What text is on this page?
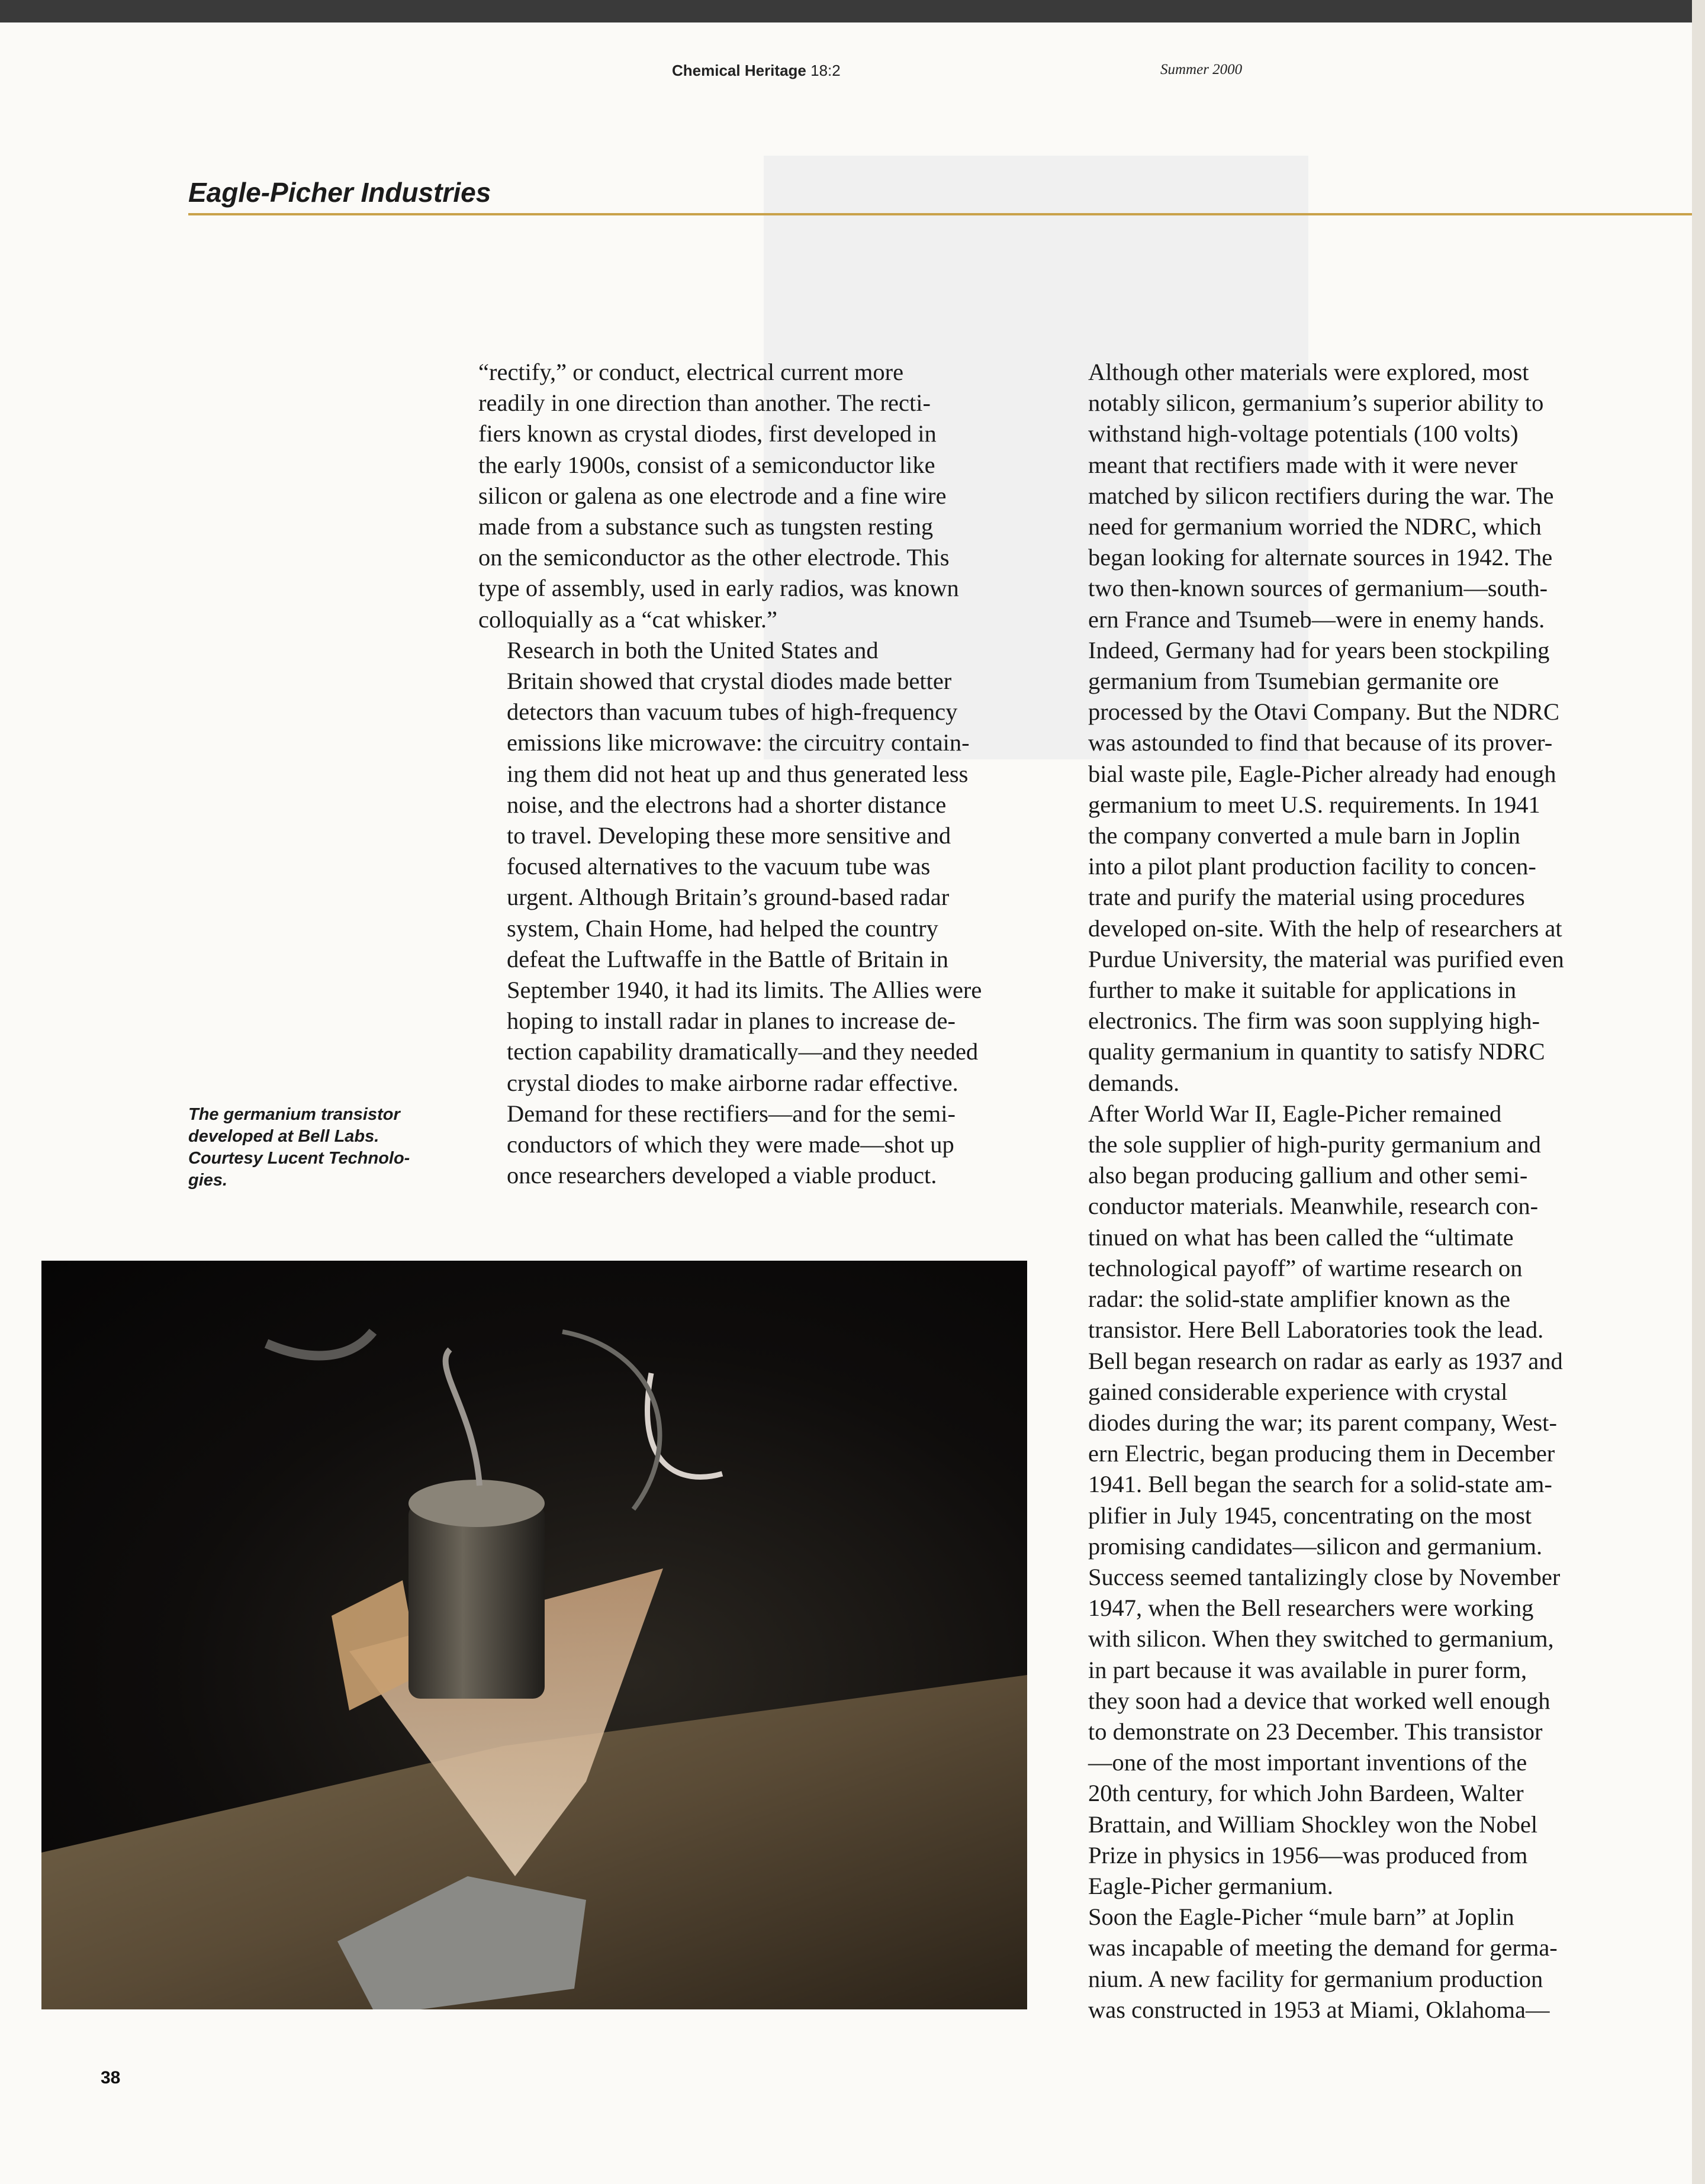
Chemical Heritage 18:2	Summer 2000
Eagle-Picher Industries

“rectify,” or conduct, electrical current more
readily in one direction than another. The recti-
fiers known as crystal diodes, first developed in
the early 1900s, consist of a semiconductor like
silicon or galena as one electrode and a fine wire
made from a substance such as tungsten resting
on the semiconductor as the other electrode. This
type of assembly, used in early radios, was known
colloquially as a “cat whisker.”

Research in both the United States and
Britain showed that crystal diodes made better
detectors than vacuum tubes of high-frequency
emissions like microwave: the circuitry contain-
ing them did not heat up and thus generated less
noise, and the electrons had a shorter distance
to travel. Developing these more sensitive and
focused alternatives to the vacuum tube was
urgent. Although Britain’s ground-based radar
system, Chain Home, had helped the country
defeat the Luftwaffe in the Battle of Britain in
September 1940, it had its limits. The Allies were
hoping to install radar in planes to increase de-
tection capability dramatically—and they needed
crystal diodes to make airborne radar effective.
Demand for these rectifiers—and for the semi-
conductors of which they were made—shot up
once researchers developed a viable product.

Although other materials were explored, most
notably silicon, germanium’s superior ability to
withstand high-voltage potentials (100 volts)
meant that rectifiers made with it were never
matched by silicon rectifiers during the war. The
need for germanium worried the NDRC, which
began looking for alternate sources in 1942. The
two then-known sources of germanium—south-
ern France and Tsumeb—were in enemy hands.
Indeed, Germany had for years been stockpiling
germanium from Tsumebian germanite ore
processed by the Otavi Company. But the NDRC
was astounded to find that because of its prover-
bial waste pile, Eagle-Picher already had enough
germanium to meet U.S. requirements. In 1941
the company converted a mule barn in Joplin
into a pilot plant production facility to concen-
trate and purify the material using procedures
developed on-site. With the help of researchers at
Purdue University, the material was purified even
further to make it suitable for applications in
electronics. The firm was soon supplying high-
quality germanium in quantity to satisfy NDRC
demands.

After World War II, Eagle-Picher remained
the sole supplier of high-purity germanium and
also began producing gallium and other semi-
conductor materials. Meanwhile, research con-
tinued on what has been called the “ultimate
technological payoff” of wartime research on
radar: the solid-state amplifier known as the
transistor. Here Bell Laboratories took the lead.
Bell began research on radar as early as 1937 and
gained considerable experience with crystal
diodes during the war; its parent company, West-
ern Electric, began producing them in December
1941. Bell began the search for a solid-state am-
plifier in July 1945, concentrating on the most
promising candidates—silicon and germanium.
Success seemed tantalizingly close by November
1947, when the Bell researchers were working
with silicon. When they switched to germanium,
in part because it was available in purer form,
they soon had a device that worked well enough
to demonstrate on 23 December. This transistor
—one of the most important inventions of the
20th century, for which John Bardeen, Walter
Brattain, and William Shockley won the Nobel
Prize in physics in 1956—was produced from
Eagle-Picher germanium.

Soon the Eagle-Picher “mule barn” at Joplin
was incapable of meeting the demand for germa-
nium. A new facility for germanium production
was constructed in 1953 at Miami, Oklahoma—

The germanium transistor
developed at Bell Labs.
Courtesy Lucent Technolo-
gies.
38
